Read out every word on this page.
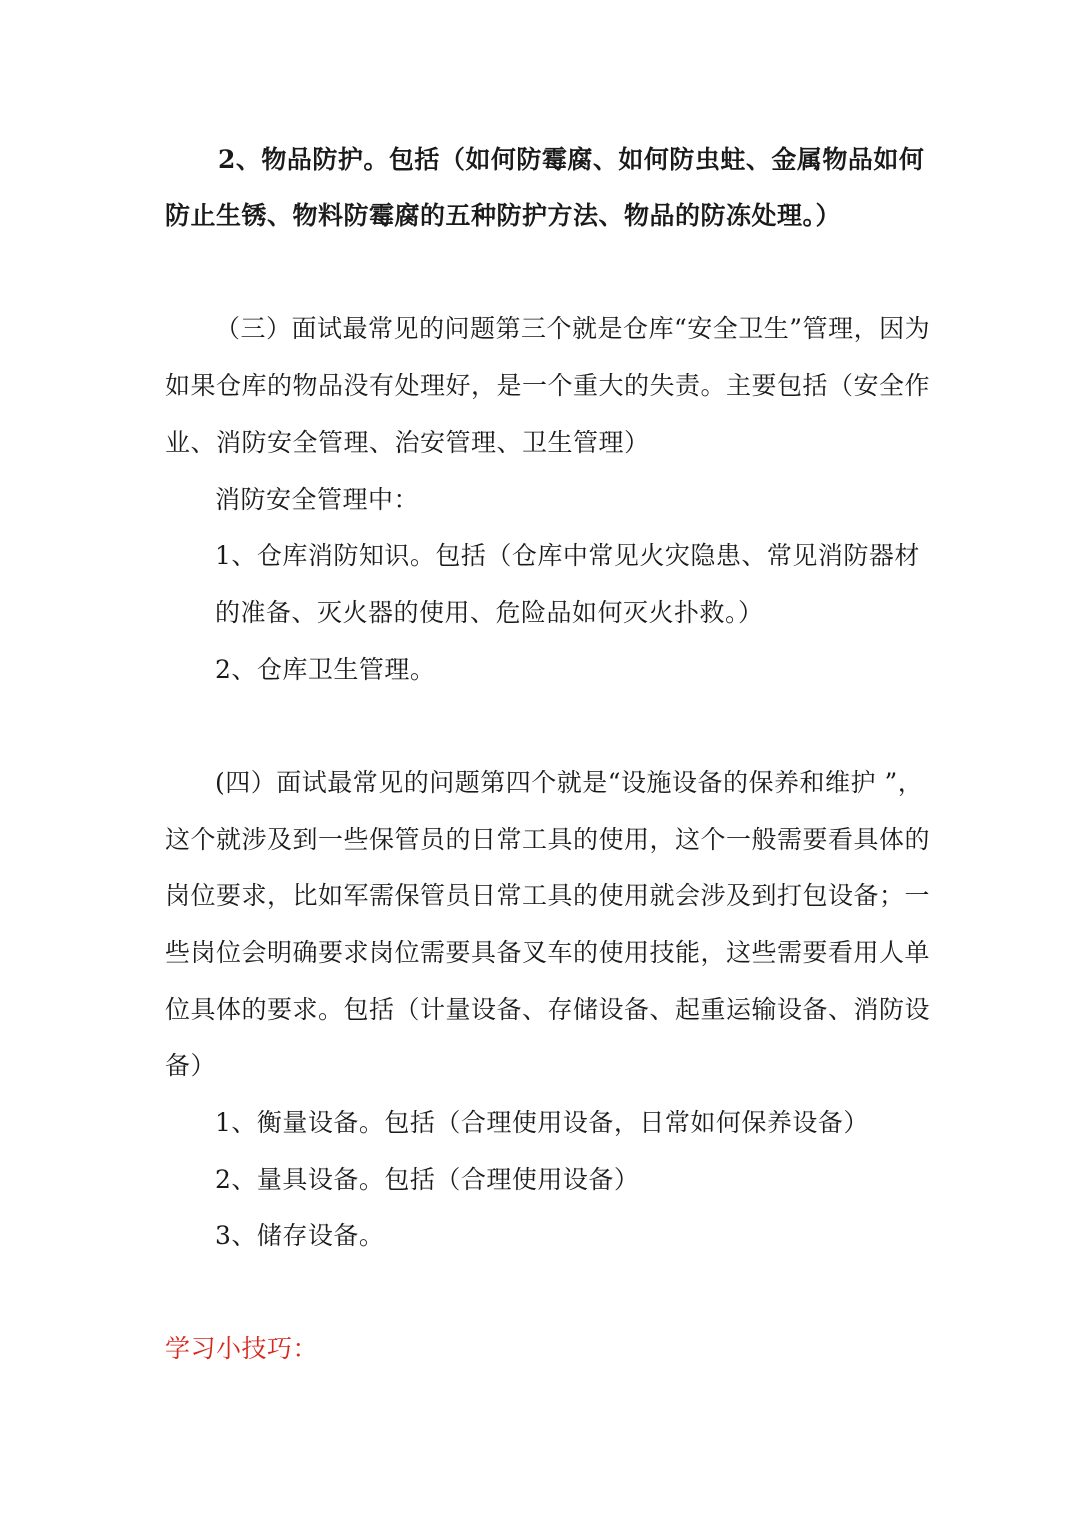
2、物品防护。包括（如何防霉腐、如何防虫蛀、金属物品如何
防止生锈、物料防霉腐的五种防护方法、物品的防冻处理。）
（三）面试最常见的问题第三个就是仓库“安全卫生”管理，因为
如果仓库的物品没有处理好，是一个重大的失责。主要包括（安全作
业、消防安全管理、治安管理、卫生管理）
消防安全管理中：
1、仓库消防知识。包括（仓库中常见火灾隐患、常见消防器材
的准备、灭火器的使用、危险品如何灭火扑救。）
2、仓库卫生管理。
(四）面试最常见的问题第四个就是“设施设备的保养和维护 ”，
这个就涉及到一些保管员的日常工具的使用，这个一般需要看具体的
岗位要求，比如军需保管员日常工具的使用就会涉及到打包设备；一
些岗位会明确要求岗位需要具备叉车的使用技能，这些需要看用人单
位具体的要求。包括（计量设备、存储设备、起重运输设备、消防设
备）
1、衡量设备。包括（合理使用设备，日常如何保养设备）
2、量具设备。包括（合理使用设备）
3、储存设备。
学习小技巧：
